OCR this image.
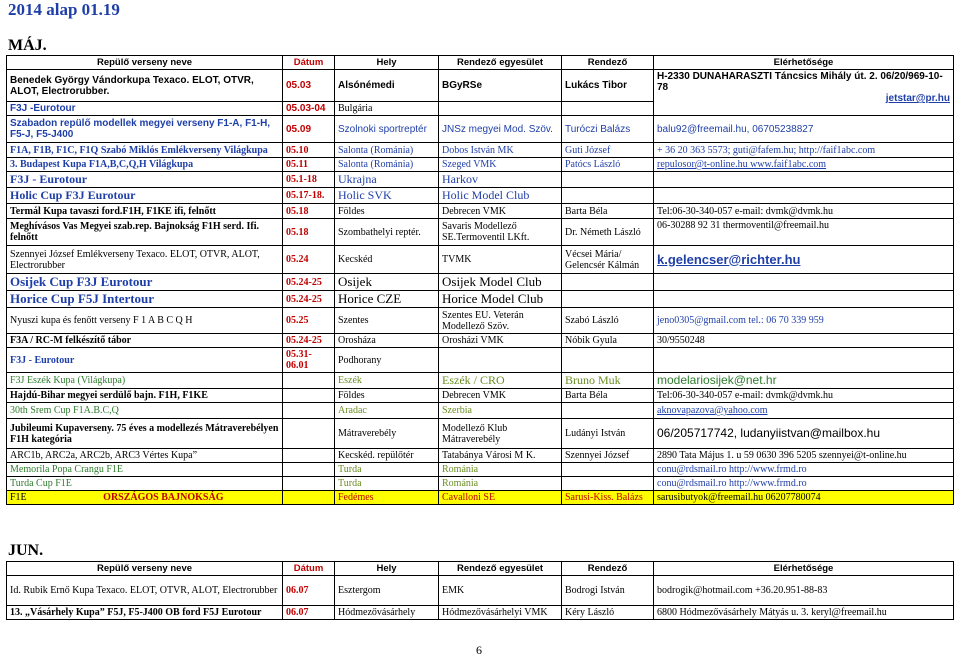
2014 alap 01.19
MÁJ.
Repülő verseny neve	Dátum	Hely	Rendező egyesület	Rendező	Elérhetősége
Benedek György Vándorkupa Texaco. ELOT, OTVR, ALOT, Electrorubber.	05.03	Alsónémedi	BGyRSe	Lukács Tibor	H-2330 DUNAHARASZTI Táncsics Mihály út. 2. 06/20/969-10-78

jetstar@pr.hu

F3J -Eurotour	05.03-04	Bulgária			
Szabadon repülő modellek megyei verseny F1-A, F1-H, F5-J, F5-J400	05.09	Szolnoki sportreptér	JNSz megyei Mod. Szöv.	Turóczi Balázs	balu92@freemail.hu, 06705238827
F1A, F1B, F1C, F1Q Szabó Miklós Emlékverseny Világkupa	05.10	Salonta (Románia)	Dobos István MK	Guti József	+ 36 20 363 5573; guti@fafem.hu; http://faif1abc.com
3. Budapest Kupa F1A,B,C,Q,H Világkupa	05.11	Salonta (Románia)	Szeged VMK	Patócs László	repulosor@t-online.hu www.faif1abc.com
F3J - Eurotour	05.1-18	Ukrajna	Harkov		
Holic Cup F3J Eurotour	05.17-18.	Holic SVK	Holic Model Club		
Termál Kupa tavaszi ford.F1H, F1KE ifi, felnőtt	05.18	Földes	Debrecen VMK	Barta Béla	Tel:06-30-340-057 e-mail: dvmk@dvmk.hu
Meghívásos Vas Megyei szab.rep. Bajnokság F1H serd. Ifi. felnőtt	05.18	Szombathelyi reptér.	Savaris Modellező SE.Termoventil LKft.	Dr. Németh László	06-30288 92 31 thermoventil@freemail.hu
Szennyei József Emlékverseny Texaco. ELOT, OTVR, ALOT, Electrorubber	05.24	Kecskéd	TVMK	Vécsei Mária/ Gelencsér Kálmán	k.gelencser@richter.hu
Osijek Cup F3J Eurotour	05.24-25	Osijek	Osijek Model Club		
Horice Cup F5J Intertour	05.24-25	Horice CZE	Horice Model Club		
Nyuszi kupa és fenőtt verseny F 1 A B C Q H	05.25	Szentes	Szentes EU. Veterán Modellező Szöv.	Szabó László	jeno0305@gmail.com tel.: 06 70 339 959
F3A / RC-M felkészítő tábor	05.24-25	Orosháza	Orosházi VMK	Nóbik Gyula	30/9550248
F3J - Eurotour	05.31-06.01	Podhorany			
F3J Eszék Kupa (Világkupa)		Eszék	Eszék / CRO	Bruno Muk	modelariosijek@net.hr
Hajdú-Bihar megyei serdülő bajn. F1H, F1KE		Földes	Debrecen VMK	Barta Béla	Tel:06-30-340-057 e-mail: dvmk@dvmk.hu
30th Srem Cup F1A.B.C,Q		Aradac	Szerbia		aknovapazova@yahoo.com
Jubileumi Kupaverseny. 75 éves a modellezés Mátraverebélyen F1H kategória		Mátraverebély	Modellező Klub Mátraverebély	Ludányi István	06/205717742, ludanyiistvan@mailbox.hu
ARC1b, ARC2a, ARC2b, ARC3 Vértes Kupa”		Kecskéd. repülőtér	Tatabánya Városi M K.	Szennyei József	2890 Tata Május 1. u 59 0630 396 5205 szennyei@t-online.hu
Memorila Popa Crangu F1E		Turda	Románia		conu@rdsmail.ro http://www.frmd.ro
Turda Cup F1E		Turda	Románia		conu@rdsmail.ro http://www.frmd.ro
F1E ORSZÁGOS BAJNOKSÁG		Fedémes	Cavalloni SE	Sarusi-Kiss. Balázs	sarusibutyok@freemail.hu 06207780074
JUN.
Repülő verseny neve	Dátum	Hely	Rendező egyesület	Rendező	Elérhetősége
Id. Rubik Ernő Kupa Texaco. ELOT, OTVR, ALOT, Electrorubber	06.07	Esztergom	EMK	Bodrogi István	bodrogik@hotmail.com +36.20.951-88-83
13. „Vásárhely Kupa” F5J, F5-J400 OB ford F5J Eurotour	06.07	Hódmezővásárhely	Hódmezővásárhelyi VMK	Kéry László	6800 Hódmezővásárhely Mátyás u. 3. keryl@freemail.hu
6
